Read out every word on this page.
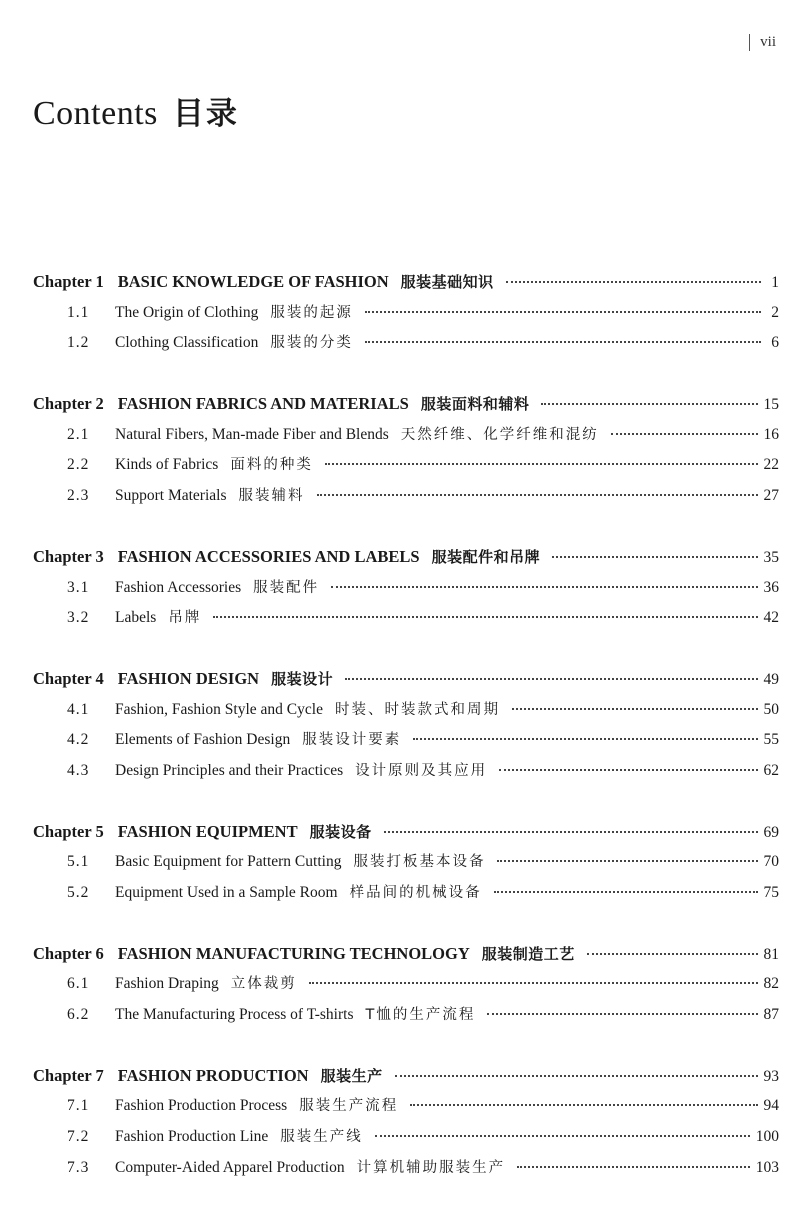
vii
Contents 目录
Chapter 1 BASIC KNOWLEDGE OF FASHION 服装基础知识	1
1.1	The Origin of Clothing 服装的起源	2
1.2	Clothing Classification 服装的分类	6
Chapter 2 FASHION FABRICS AND MATERIALS 服装面料和辅料	15
2.1	Natural Fibers, Man-made Fiber and Blends 天然纤维、化学纤维和混纺	16
2.2	Kinds of Fabrics 面料的种类	22
2.3	Support Materials 服装辅料	27
Chapter 3 FASHION ACCESSORIES AND LABELS 服装配件和吊牌	35
3.1	Fashion Accessories 服装配件	36
3.2	Labels 吊牌	42
Chapter 4 FASHION DESIGN 服装设计	49
4.1	Fashion, Fashion Style and Cycle 时装、时装款式和周期	50
4.2	Elements of Fashion Design 服装设计要素	55
4.3	Design Principles and their Practices 设计原则及其应用	62
Chapter 5 FASHION EQUIPMENT 服装设备	69
5.1	Basic Equipment for Pattern Cutting 服装打板基本设备	70
5.2	Equipment Used in a Sample Room 样品间的机械设备	75
Chapter 6 FASHION MANUFACTURING TECHNOLOGY 服装制造工艺	81
6.1	Fashion Draping 立体裁剪	82
6.2	The Manufacturing Process of T-shirts T恤的生产流程	87
Chapter 7 FASHION PRODUCTION 服装生产	93
7.1	Fashion Production Process 服装生产流程	94
7.2	Fashion Production Line 服装生产线	100
7.3	Computer-Aided Apparel Production 计算机辅助服装生产	103
